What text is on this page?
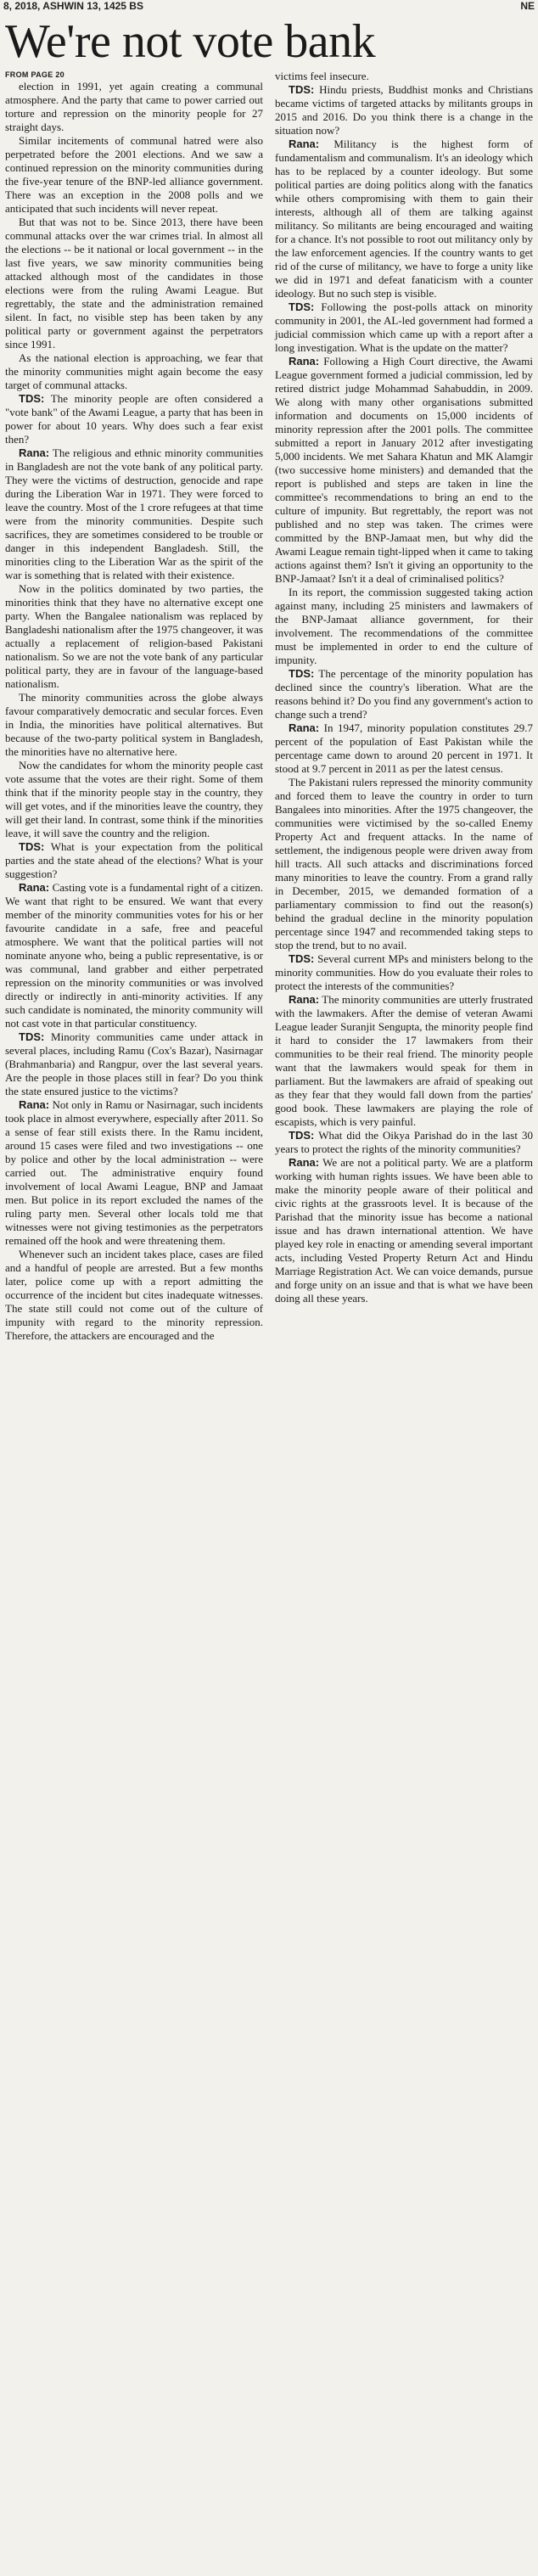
8, 2018, ASHWIN 13, 1425 BS	NE
We're not vote bank
FROM PAGE 20

election in 1991, yet again creating a communal atmosphere. And the party that came to power carried out torture and repression on the minority people for 27 straight days.

Similar incitements of communal hatred were also perpetrated before the 2001 elections. And we saw a continued repression on the minority communities during the five-year tenure of the BNP-led alliance government. There was an exception in the 2008 polls and we anticipated that such incidents will never repeat.

But that was not to be. Since 2013, there have been communal attacks over the war crimes trial. In almost all the elections -- be it national or local government -- in the last five years, we saw minority communities being attacked although most of the candidates in those elections were from the ruling Awami League. But regrettably, the state and the administration remained silent. In fact, no visible step has been taken by any political party or government against the perpetrators since 1991.

As the national election is approaching, we fear that the minority communities might again become the easy target of communal attacks.

TDS: The minority people are often considered a "vote bank" of the Awami League, a party that has been in power for about 10 years. Why does such a fear exist then?

Rana: The religious and ethnic minority communities in Bangladesh are not the vote bank of any political party. They were the victims of destruction, genocide and rape during the Liberation War in 1971. They were forced to leave the country. Most of the 1 crore refugees at that time were from the minority communities. Despite such sacrifices, they are sometimes considered to be trouble or danger in this independent Bangladesh. Still, the minorities cling to the Liberation War as the spirit of the war is something that is related with their existence.

Now in the politics dominated by two parties, the minorities think that they have no alternative except one party. When the Bangalee nationalism was replaced by Bangladeshi nationalism after the 1975 changeover, it was actually a replacement of religion-based Pakistani nationalism. So we are not the vote bank of any particular political party, they are in favour of the language-based nationalism.

The minority communities across the globe always favour comparatively democratic and secular forces. Even in India, the minorities have political alternatives. But because of the two-party political system in Bangladesh, the minorities have no alternative here.

Now the candidates for whom the minority people cast vote assume that the votes are their right. Some of them think that if the minority people stay in the country, they will get votes, and if the minorities leave the country, they will get their land. In contrast, some think if the minorities leave, it will save the country and the religion.

TDS: What is your expectation from the political parties and the state ahead of the elections? What is your suggestion?

Rana: Casting vote is a fundamental right of a citizen. We want that right to be ensured. We want that every member of the minority communities votes for his or her favourite candidate in a safe, free and peaceful atmosphere. We want that the political parties will not nominate anyone who, being a public representative, is or was communal, land grabber and either perpetrated repression on the minority communities or was involved directly or indirectly in anti-minority activities. If any such candidate is nominated, the minority community will not cast vote in that particular constituency.

TDS: Minority communities came under attack in several places, including Ramu (Cox's Bazar), Nasirnagar (Brahmanbaria) and Rangpur, over the last several years. Are the people in those places still in fear? Do you think the state ensured justice to the victims?

Rana: Not only in Ramu or Nasirnagar, such incidents took place in almost everywhere, especially after 2011. So a sense of fear still exists there. In the Ramu incident, around 15 cases were filed and two investigations -- one by police and other by the local administration -- were carried out. The administrative enquiry found involvement of local Awami League, BNP and Jamaat men. But police in its report excluded the names of the ruling party men. Several other locals told me that witnesses were not giving testimonies as the perpetrators remained off the hook and were threatening them.

Whenever such an incident takes place, cases are filed and a handful of people are arrested. But a few months later, police come up with a report admitting the occurrence of the incident but cites inadequate witnesses. The state still could not come out of the culture of impunity with regard to the minority repression. Therefore, the attackers are encouraged and the

victims feel insecure.

TDS: Hindu priests, Buddhist monks and Christians became victims of targeted attacks by militants groups in 2015 and 2016. Do you think there is a change in the situation now?

Rana: Militancy is the highest form of fundamentalism and communalism. It's an ideology which has to be replaced by a counter ideology. But some political parties are doing politics along with the fanatics while others compromising with them to gain their interests, although all of them are talking against militancy. So militants are being encouraged and waiting for a chance. It's not possible to root out militancy only by the law enforcement agencies. If the country wants to get rid of the curse of militancy, we have to forge a unity like we did in 1971 and defeat fanaticism with a counter ideology. But no such step is visible.

TDS: Following the post-polls attack on minority community in 2001, the AL-led government had formed a judicial commission which came up with a report after a long investigation. What is the update on the matter?

Rana: Following a High Court directive, the Awami League government formed a judicial commission, led by retired district judge Mohammad Sahabuddin, in 2009. We along with many other organisations submitted information and documents on 15,000 incidents of minority repression after the 2001 polls. The committee submitted a report in January 2012 after investigating 5,000 incidents. We met Sahara Khatun and MK Alamgir (two successive home ministers) and demanded that the report is published and steps are taken in line the committee's recommendations to bring an end to the culture of impunity. But regrettably, the report was not published and no step was taken. The crimes were committed by the BNP-Jamaat men, but why did the Awami League remain tight-lipped when it came to taking actions against them? Isn't it giving an opportunity to the BNP-Jamaat? Isn't it a deal of criminalised politics?

In its report, the commission suggested taking action against many, including 25 ministers and lawmakers of the BNP-Jamaat alliance government, for their involvement. The recommendations of the committee must be implemented in order to end the culture of impunity.

TDS: The percentage of the minority population has declined since the country's liberation. What are the reasons behind it? Do you find any government's action to change such a trend?

Rana: In 1947, minority population constitutes 29.7 percent of the population of East Pakistan while the percentage came down to around 20 percent in 1971. It stood at 9.7 percent in 2011 as per the latest census.

The Pakistani rulers repressed the minority community and forced them to leave the country in order to turn Bangalees into minorities. After the 1975 changeover, the communities were victimised by the so-called Enemy Property Act and frequent attacks. In the name of settlement, the indigenous people were driven away from hill tracts. All such attacks and discriminations forced many minorities to leave the country. From a grand rally in December, 2015, we demanded formation of a parliamentary commission to find out the reason(s) behind the gradual decline in the minority population percentage since 1947 and recommended taking steps to stop the trend, but to no avail.

TDS: Several current MPs and ministers belong to the minority communities. How do you evaluate their roles to protect the interests of the communities?

Rana: The minority communities are utterly frustrated with the lawmakers. After the demise of veteran Awami League leader Suranjit Sengupta, the minority people find it hard to consider the 17 lawmakers from their communities to be their real friend. The minority people want that the lawmakers would speak for them in parliament. But the lawmakers are afraid of speaking out as they fear that they would fall down from the parties' good book. These lawmakers are playing the role of escapists, which is very painful.

TDS: What did the Oikya Parishad do in the last 30 years to protect the rights of the minority communities?

Rana: We are not a political party. We are a platform working with human rights issues. We have been able to make the minority people aware of their political and civic rights at the grassroots level. It is because of the Parishad that the minority issue has become a national issue and has drawn international attention. We have played key role in enacting or amending several important acts, including Vested Property Return Act and Hindu Marriage Registration Act. We can voice demands, pursue and forge unity on an issue and that is what we have been doing all these years.
